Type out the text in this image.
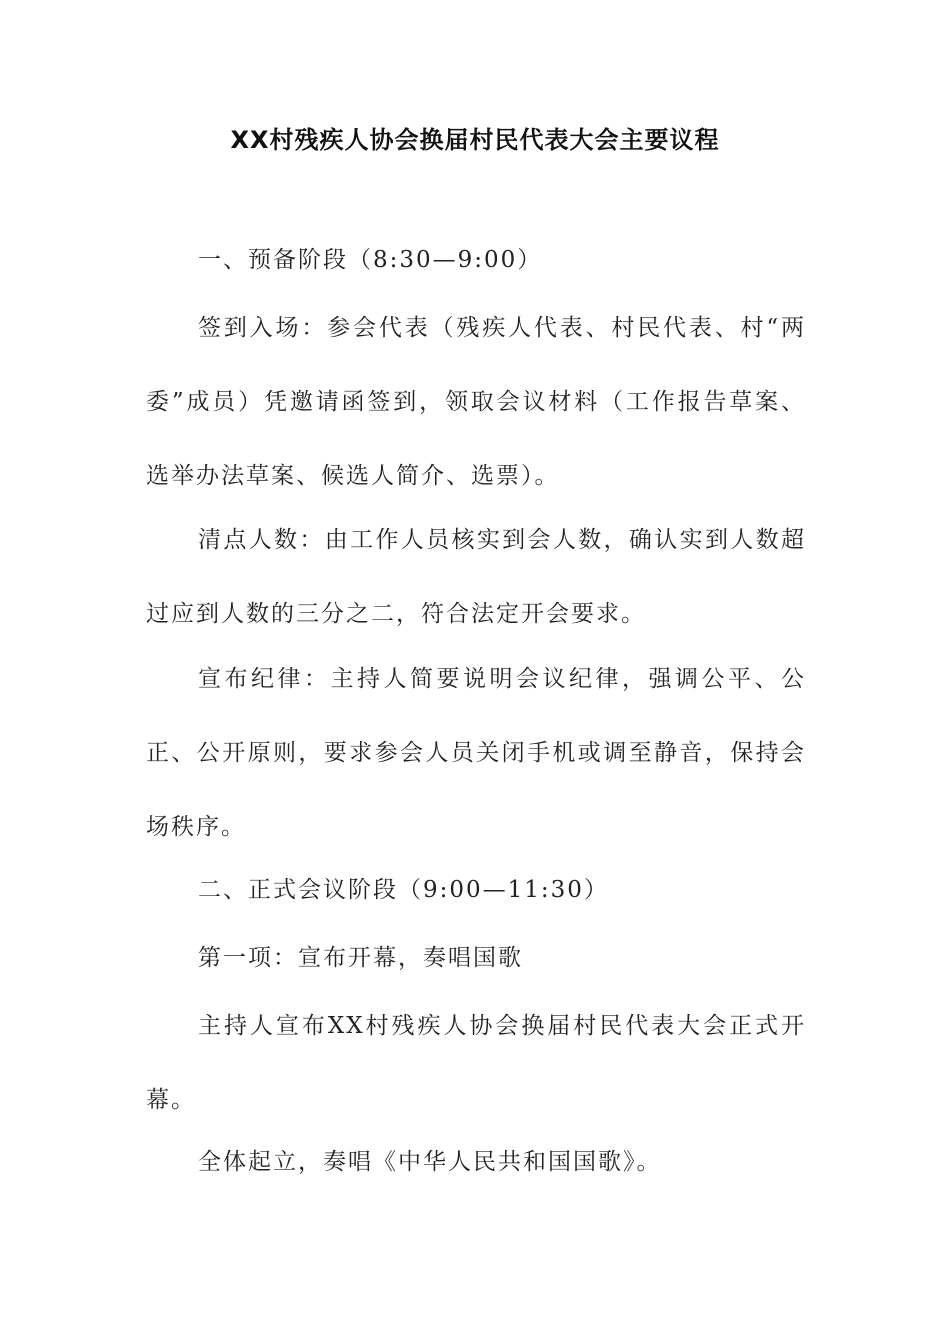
XX村残疾人协会换届村民代表大会主要议程

一、预备阶段（8:30—9:00）

签到入场：参会代表（残疾人代表、村民代表、村“两委”成员）凭邀请函签到，领取会议材料（工作报告草案、选举办法草案、候选人简介、选票）。

清点人数：由工作人员核实到会人数，确认实到人数超过应到人数的三分之二，符合法定开会要求。

宣布纪律：主持人简要说明会议纪律，强调公平、公正、公开原则，要求参会人员关闭手机或调至静音，保持会场秩序。

二、正式会议阶段（9:00—11:30）

第一项：宣布开幕，奏唱国歌

主持人宣布XX村残疾人协会换届村民代表大会正式开幕。

全体起立，奏唱《中华人民共和国国歌》。
